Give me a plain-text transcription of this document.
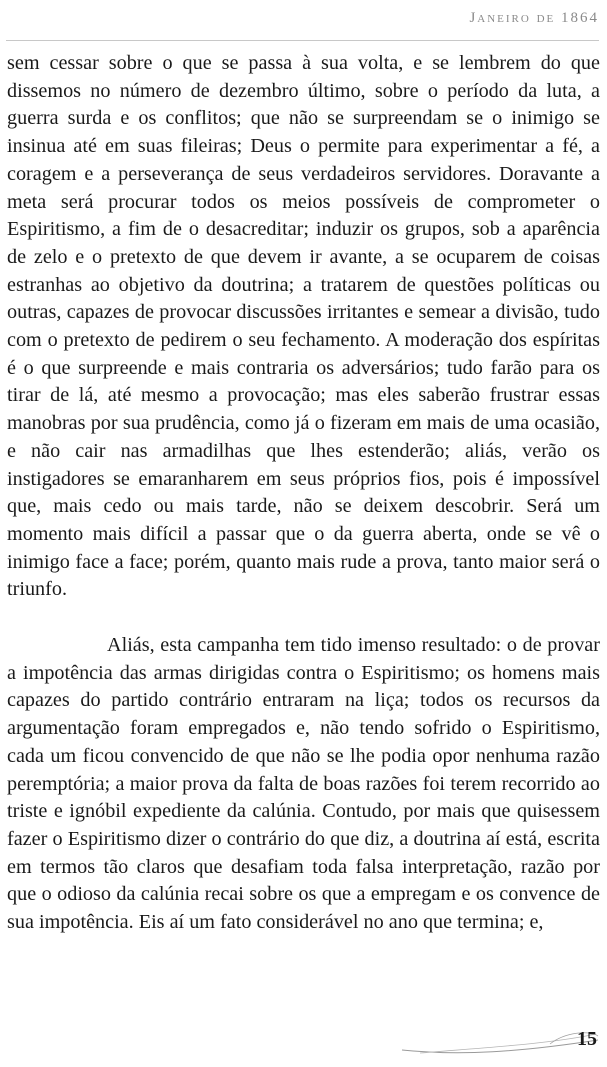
Janeiro de 1864

sem cessar sobre o que se passa à sua volta, e se lembrem do que dissemos no número de dezembro último, sobre o período da luta, a guerra surda e os conflitos; que não se surpreendam se o inimigo se insinua até em suas fileiras; Deus o permite para experimentar a fé, a coragem e a perseverança de seus verdadeiros servidores. Doravante a meta será procurar todos os meios possíveis de comprometer o Espiritismo, a fim de o desacreditar; induzir os grupos, sob a aparência de zelo e o pretexto de que devem ir avante, a se ocuparem de coisas estranhas ao objetivo da doutrina; a tratarem de questões políticas ou outras, capazes de provocar discussões irritantes e semear a divisão, tudo com o pretexto de pedirem o seu fechamento. A moderação dos espíritas é o que surpreende e mais contraria os adversários; tudo farão para os tirar de lá, até mesmo a provocação; mas eles saberão frustrar essas manobras por sua prudência, como já o fizeram em mais de uma ocasião, e não cair nas armadilhas que lhes estenderão; aliás, verão os instigadores se emaranharem em seus próprios fios, pois é impossível que, mais cedo ou mais tarde, não se deixem descobrir. Será um momento mais difícil a passar que o da guerra aberta, onde se vê o inimigo face a face; porém, quanto mais rude a prova, tanto maior será o triunfo.

Aliás, esta campanha tem tido imenso resultado: o de provar a impotência das armas dirigidas contra o Espiritismo; os homens mais capazes do partido contrário entraram na liça; todos os recursos da argumentação foram empregados e, não tendo sofrido o Espiritismo, cada um ficou convencido de que não se lhe podia opor nenhuma razão peremptória; a maior prova da falta de boas razões foi terem recorrido ao triste e ignóbil expediente da calúnia. Contudo, por mais que quisessem fazer o Espiritismo dizer o contrário do que diz, a doutrina aí está, escrita em termos tão claros que desafiam toda falsa interpretação, razão por que o odioso da calúnia recai sobre os que a empregam e os convence de sua impotência. Eis aí um fato considerável no ano que termina; e,

15
